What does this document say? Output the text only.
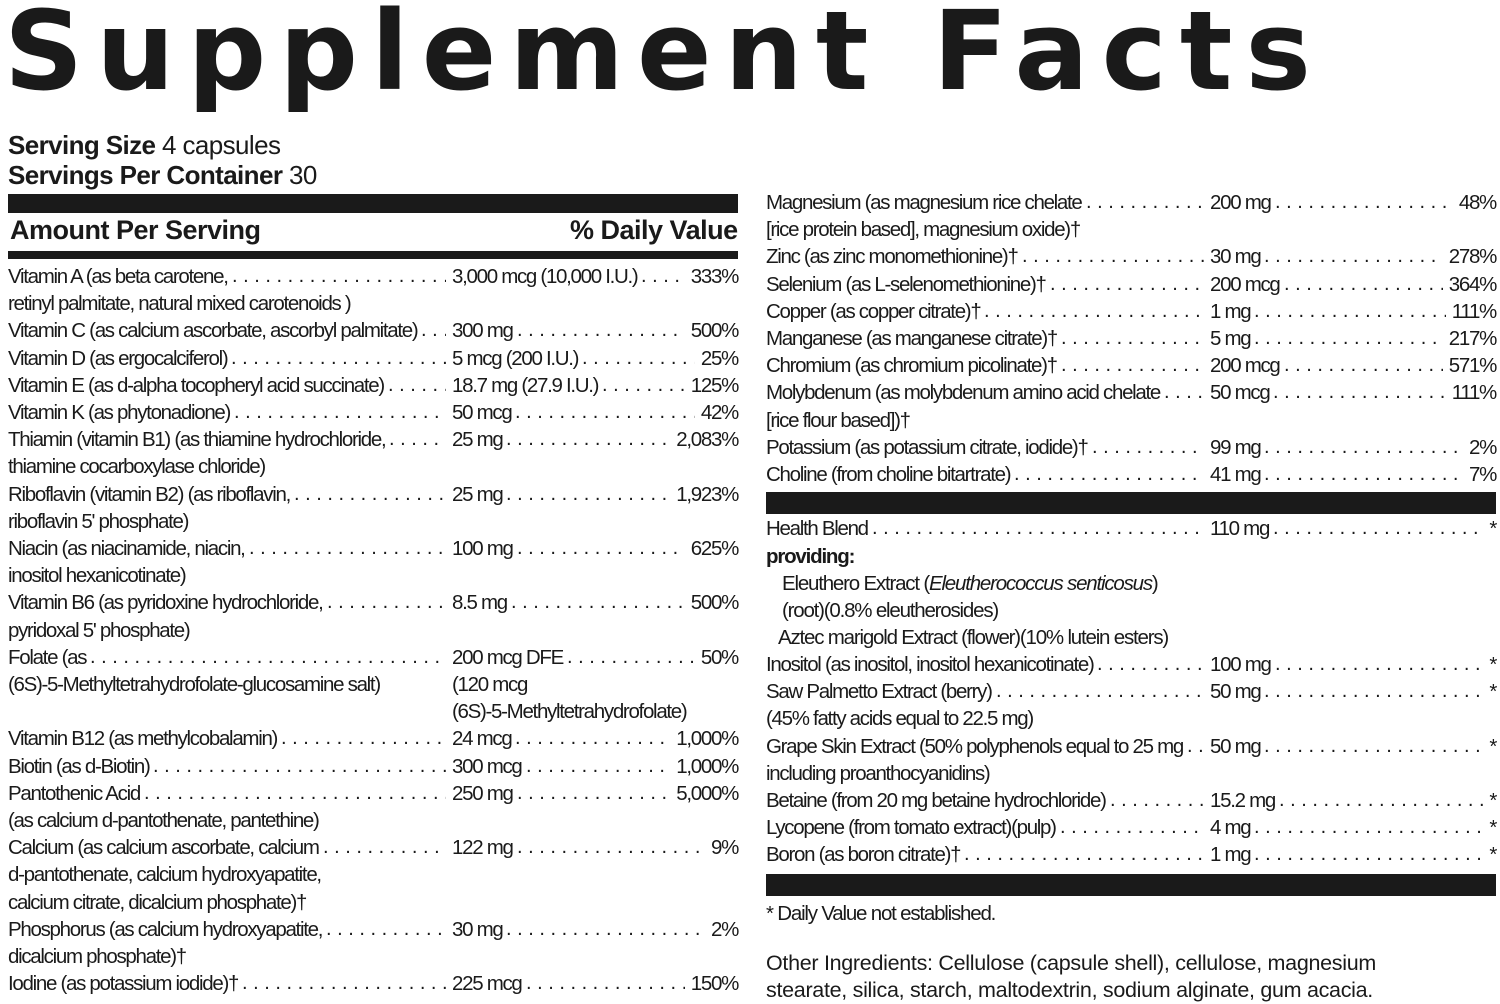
Supplement Facts
Serving Size 4 capsules
Servings Per Container 30
Amount Per Serving	% Daily Value
Vitamin A (as beta carotene, . . .	3,000 mcg (10,000 I.U.) . . .	333%
retinyl palmitate, natural mixed carotenoids )
Vitamin C (as calcium ascorbate, ascorbyl palmitate) . . . 300 mg . . .	500%
Vitamin D (as ergocalciferol) . . .	5 mcg (200 I.U.) . . .	25%
Vitamin E (as d-alpha tocopheryl acid succinate) . . .	18.7 mg (27.9 I.U.) . . .	125%
Vitamin K (as phytonadione) . . .	50 mcg . . .	42%
Thiamin (vitamin B1) (as thiamine hydrochloride, . . .	25 mg . . .	2,083%
thiamine cocarboxylase chloride)
Riboflavin (vitamin B2) (as riboflavin, . . .	25 mg . . .	1,923%
riboflavin 5' phosphate)
Niacin (as niacinamide, niacin, . . .	100 mg . . .	625%
inositol hexanicotinate)
Vitamin B6 (as pyridoxine hydrochloride, . . .	8.5 mg . . .	500%
pyridoxal 5' phosphate)
Folate (as . . .	200 mcg DFE . . .	50%
(6S)-5-Methyltetrahydrofolate-glucosamine salt)	(120 mcg
(6S)-5-Methyltetrahydrofolate)
Vitamin B12 (as methylcobalamin) . . .	24 mcg . . .	1,000%
Biotin (as d-Biotin) . . .	300 mcg . . .	1,000%
Pantothenic Acid . . .	250 mg . . .	5,000%
(as calcium d-pantothenate, pantethine)
Calcium (as calcium ascorbate, calcium . . .	122 mg . . .	9%
d-pantothenate, calcium hydroxyapatite,
calcium citrate, dicalcium phosphate)†
Phosphorus (as calcium hydroxyapatite, . . .	30 mg . . .	2%
dicalcium phosphate)†
Iodine (as potassium iodide)† . . .	225 mcg . . .	150%
Magnesium (as magnesium rice chelate . . .	200 mg . . .	48%
[rice protein based], magnesium oxide)†
Zinc (as zinc monomethionine)† . . .	30 mg . . .	278%
Selenium (as L-selenomethionine)† . . .	200 mcg . . .	364%
Copper (as copper citrate)† . . .	1 mg . . .	111%
Manganese (as manganese citrate)† . . .	5 mg . . .	217%
Chromium (as chromium picolinate)† . . .	200 mcg . . .	571%
Molybdenum (as molybdenum amino acid chelate . . . 50 mcg . . .	111%
[rice flour based])†
Potassium (as potassium citrate, iodide)† . . .	99 mg . . .	2%
Choline (from choline bitartrate) . . .	41 mg . . .	7%
Health Blend . . .	110 mg . . .	*
providing:
Eleuthero Extract (Eleutherococcus senticosus)
(root)(0.8% eleutherosides)
Aztec marigold Extract (flower)(10% lutein esters)
Inositol (as inositol, inositol hexanicotinate) . . .	100 mg . . .	*
Saw Palmetto Extract (berry) . . .	50 mg . . .	*
(45% fatty acids equal to 22.5 mg)
Grape Skin Extract (50% polyphenols equal to 25 mg . . . 50 mg . . .	*
including proanthocyanidins)
Betaine (from 20 mg betaine hydrochloride) . . .	15.2 mg . . .	*
Lycopene (from tomato extract)(pulp) . . .	4 mg . . .	*
Boron (as boron citrate)† . . .	1 mg . . .	*
* Daily Value not established.
Other Ingredients: Cellulose (capsule shell), cellulose, magnesium
stearate, silica, starch, maltodextrin, sodium alginate, gum acacia.
